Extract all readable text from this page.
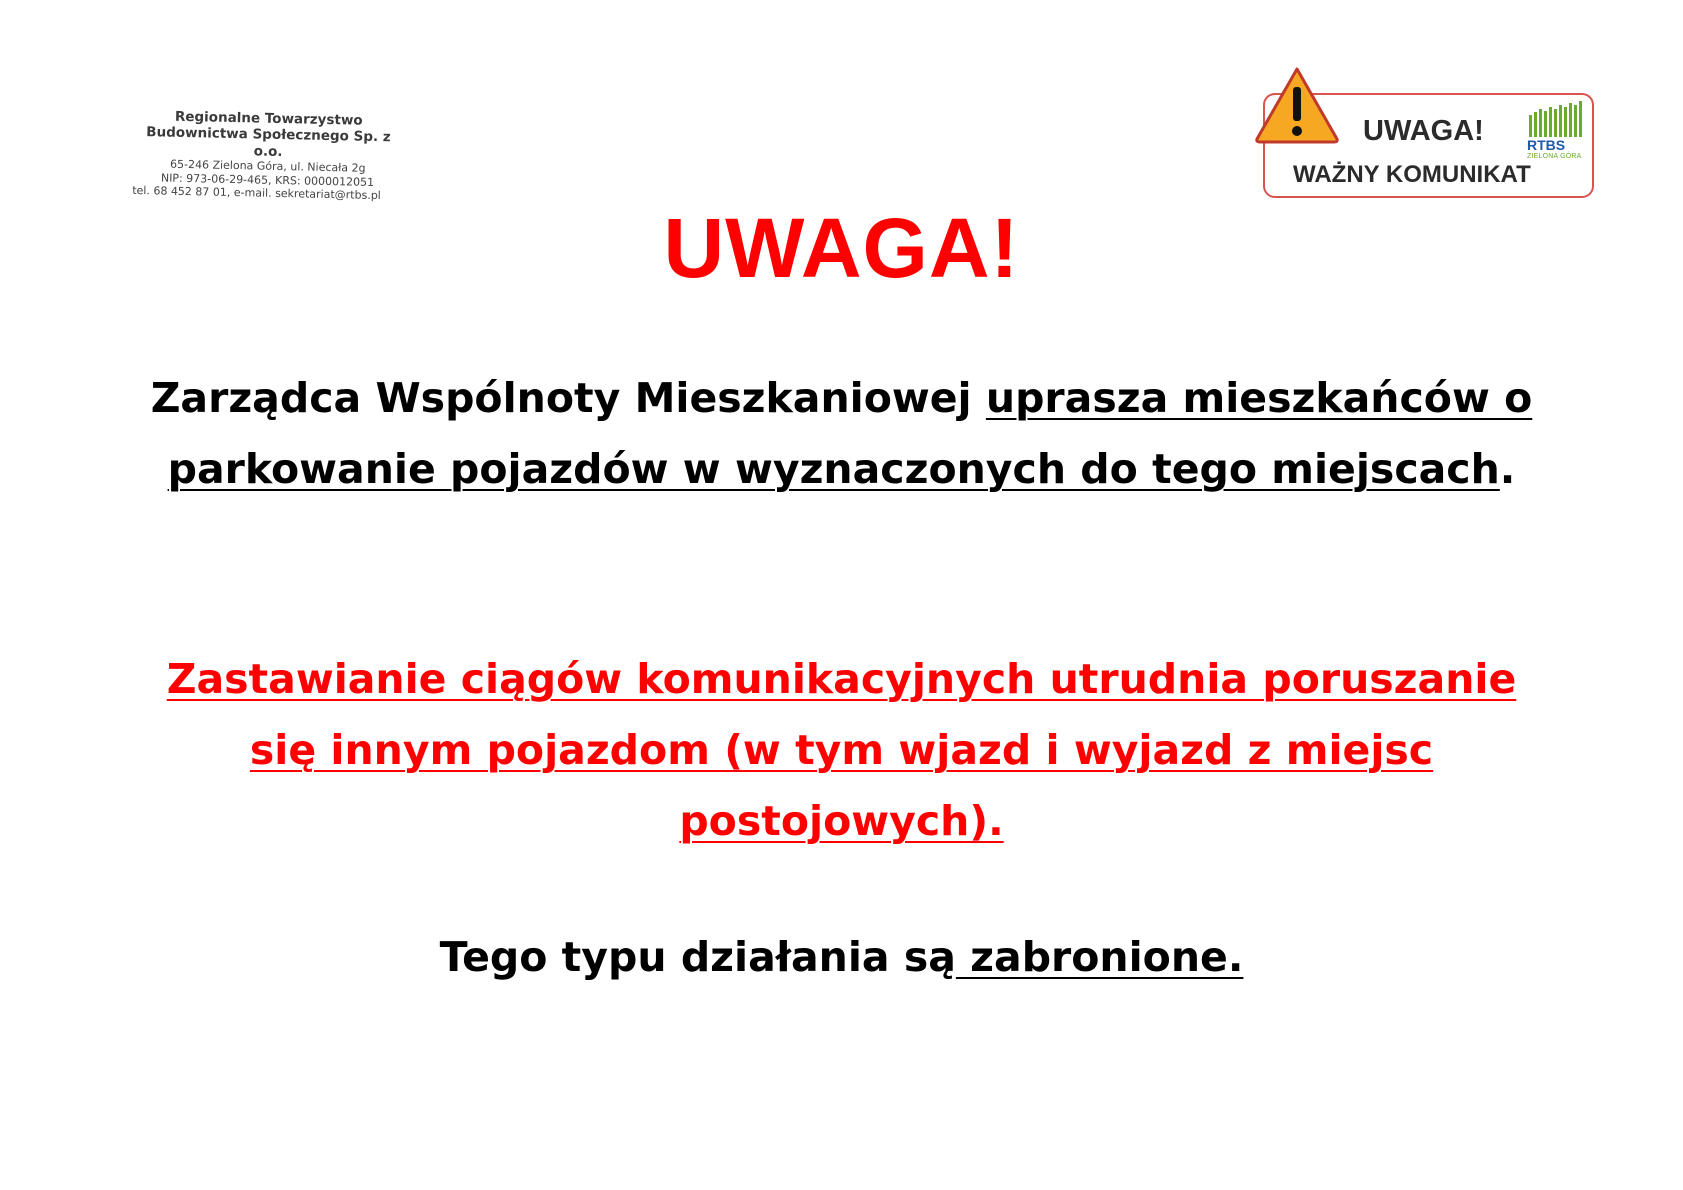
Regionalne Towarzystwo
Budownictwa Społecznego Sp. z o.o.
65-246 Zielona Góra, ul. Niecała 2g
NIP: 973-06-29-465, KRS: 0000012051
tel. 68 452 87 01, e-mail. sekretariat@rtbs.pl
UWAGA!
WAŻNY KOMUNIKAT
RTBS
ZIELONA GÓRA
UWAGA!
Zarządca Wspólnoty Mieszkaniowej uprasza mieszkańców o parkowanie pojazdów w wyznaczonych do tego miejscach.
Zastawianie ciągów komunikacyjnych utrudnia poruszanie się innym pojazdom (w tym wjazd i wyjazd z miejsc postojowych).
Tego typu działania są zabronione.
